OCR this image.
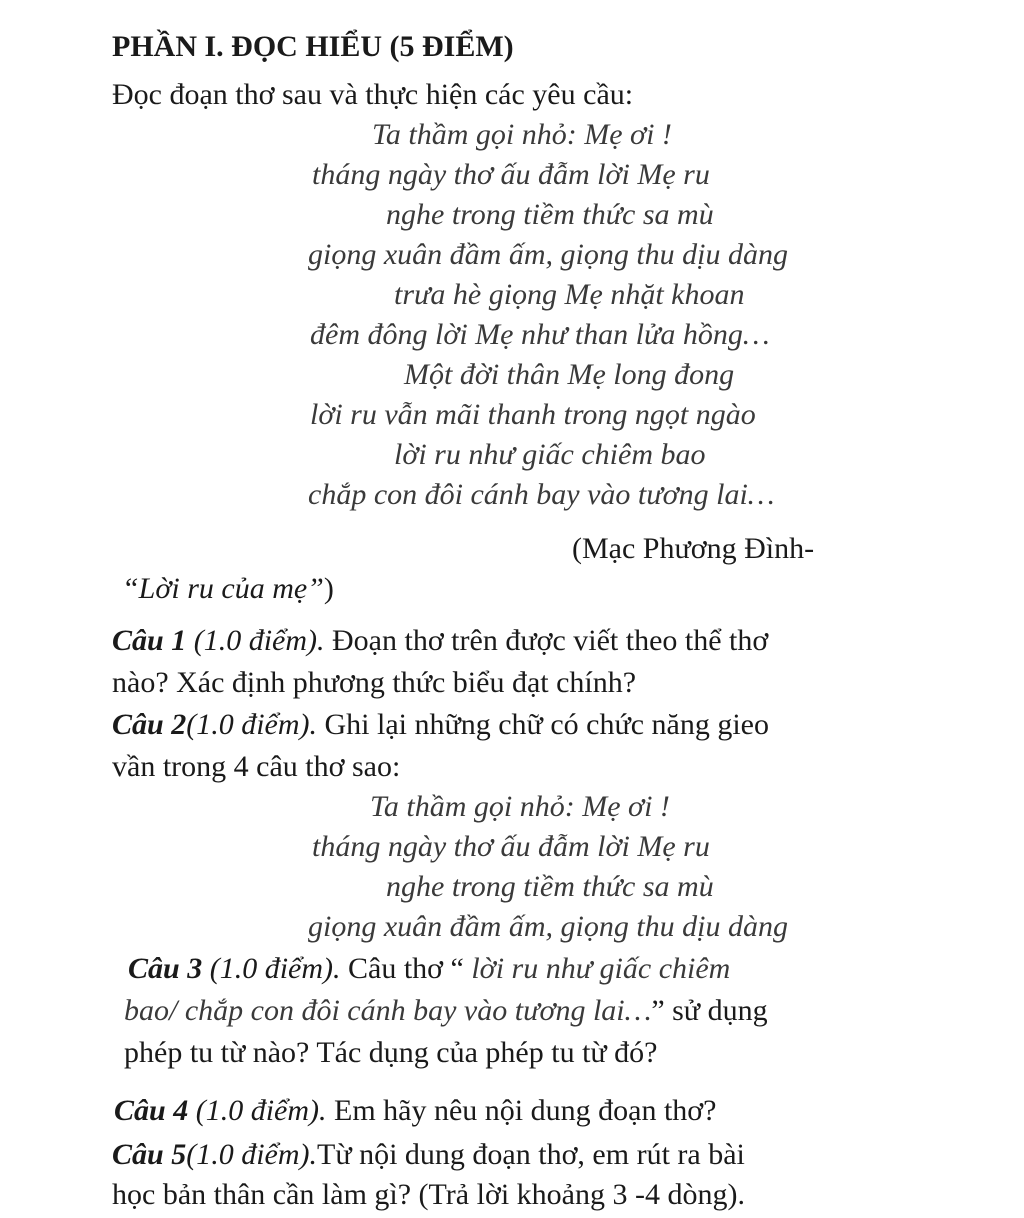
PHẦN I. ĐỌC HIỂU (5 ĐIỂM)
Đọc đoạn thơ sau và thực hiện các yêu cầu:
Ta thầm gọi nhỏ: Mẹ ơi !
tháng ngày thơ ấu đẫm lời Mẹ ru
nghe trong tiềm thức sa mù
giọng xuân đầm ấm, giọng thu dịu dàng
trưa hè giọng Mẹ nhặt khoan
đêm đông lời Mẹ như than lửa hồng…
Một đời thân Mẹ long đong
lời ru vẫn mãi thanh trong ngọt ngào
lời ru như giấc chiêm bao
chắp con đôi cánh bay vào tương lai…
(Mạc Phương Đình-
“Lời ru của mẹ”)
Câu 1 (1.0 điểm). Đoạn thơ trên được viết theo thể thơ
nào? Xác định phương thức biểu đạt chính?
Câu 2(1.0 điểm). Ghi lại những chữ có chức năng gieo
vần trong 4 câu thơ sao:
Ta thầm gọi nhỏ: Mẹ ơi !
tháng ngày thơ ấu đẫm lời Mẹ ru
nghe trong tiềm thức sa mù
giọng xuân đầm ấm, giọng thu dịu dàng
Câu 3 (1.0 điểm). Câu thơ “ lời ru như giấc chiêm
bao/ chắp con đôi cánh bay vào tương lai…” sử dụng
phép tu từ nào? Tác dụng của phép tu từ đó?
Câu 4 (1.0 điểm). Em hãy nêu nội dung đoạn thơ?
Câu 5(1.0 điểm).Từ nội dung đoạn thơ, em rút ra bài
học bản thân cần làm gì? (Trả lời khoảng 3 -4 dòng).
